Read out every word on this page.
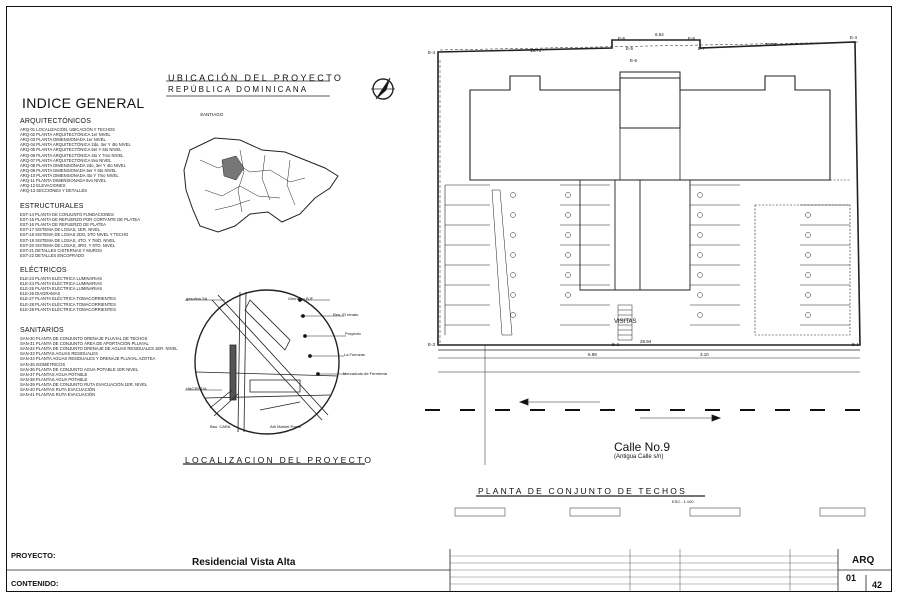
INDICE GENERAL
ARQUITECTÓNICOS
ARQ-01 LOCALIZACIÓN, UBICACIÓN Y TECHOS
ARQ-02 PLANTA ARQUITECTÓNICA 1er NIVEL
ARQ-03 PLANTA DIMENSIONADA 1er NIVEL
ARQ-04 PLANTA ARQUITECTÓNICA 2do, 3er Y 4to NIVEL
ARQ-05 PLANTA ARQUITECTÓNICA 5er Y 6to NIVEL
ARQ-06 PLANTA ARQUITECTÓNICA 4to Y 7mo NIVEL
ARQ-07 PLANTA ARQUITECTÓNICA 8vo NIVEL
ARQ-08 PLANTA DIMENSIONADA 2do, 3er Y 4to NIVEL
ARQ-09 PLANTA DIMENSIONADA 5er Y 6to NIVEL
ARQ-10 PLANTA DIMENSIONADA 4to Y 7mo NIVEL
ARQ-11 PLANTA DIMENSIONADA 8vo NIVEL
ARQ-12 ELEVACIONES
ARQ-13 SECCIONES Y DETALLES
ESTRUCTURALES
EST-14 PLANTA DE CONJUNTO FUNDACIONES
EST-15 PLANTA DE REFUERZO POR CORTANTE DE PLATEA
EST-16 PLANTA DE REFUERZO DE PLATEA
EST-17 SISTEMA DE LOSAS, 1ER. NIVEL
EST-18 SISTEMA DE LOSAS 2DO, 5TO NIVEL Y TECHO
EST-19 SISTEMA DE LOSAS, 4TO. Y 7MO. NIVEL
EST-20 SISTEMA DE LOSAS, 3RO. Y 6TO. NIVEL
EST-21 DETALLES CISTERNAS Y MUROS
EST-22 DETALLES ENCOFRADO
ELÉCTRICOS
ELE-23 PLANTA ELÉCTRICA LUMINARIAS
ELE-24 PLANTA ELÉCTRICA LUMINARIAS
ELE-25 PLANTA ELÉCTRICA LUMINARIAS
ELE-26 DIAGRAMAS
ELE-27 PLANTA ELÉCTRICA TOMACORRIENTES
ELE-28 PLANTA ELÉCTRICA TOMACORRIENTES
ELE-29 PLANTA ELÉCTRICA TOMACORRIENTES
SANITARIOS
SAN-30 PLANTA DE CONJUNTO DRENAJE PLUVIAL DE TECHOS
SAN-31 PLANTA DE CONJUNTO ÁREA DE APORTACIÓN PLUVIAL
SAN-32 PLANTA DE CONJUNTO DRENAJE DE AGUAS RESIDUALES 1ER. NIVEL
SAN-33 PLANTAS AGUAS RESIDUALES
SAN-34 PLANTA AGUAS RESIDUALES Y DRENAJE PLUVIAL AZOTEA
SAN-35 ISOMÉTRICOS
SAN-36 PLANTA DE CONJUNTO AGUA POTABLE 1ER NIVEL
SAN-37 PLANTAS AGUA POTABLE
SAN-38 PLANTAS AGUA POTABLE
SAN-39 PLANTA DE CONJUNTO RUTA EVACUACIÓN 1ER. NIVEL
SAN-40 PLANTAS RUTA EVACUACIÓN
SAN-41 PLANTAS RUTA EVACUACIÓN
UBICACIÓN DEL PROYECTO
REPÚBLICA DOMINICANA
LOCALIZACION DEL PROYECTO
PLANTA DE CONJUNTO DE TECHOS
ESC.: 1:100
Calle No.9
(Antigua Calle s/n)
VISITAS
18.71
6.54
10.29
6.98
28.94
3.10
E-4
E-6
E-5
E-6
E-6
E-7
E-4
E-3	E-2	E-1
Gimnasio BJF
Res. El renato
Proyecto
La Fuenzas
Mercadodo de Ferreteria
gasolina SA
Bao. CARA
HACIENDA
Ath Market Pomo
SANTIAGO
PROYECTO:
Residencial Vista Alta
CONTENIDO:
ARQ
01
42
